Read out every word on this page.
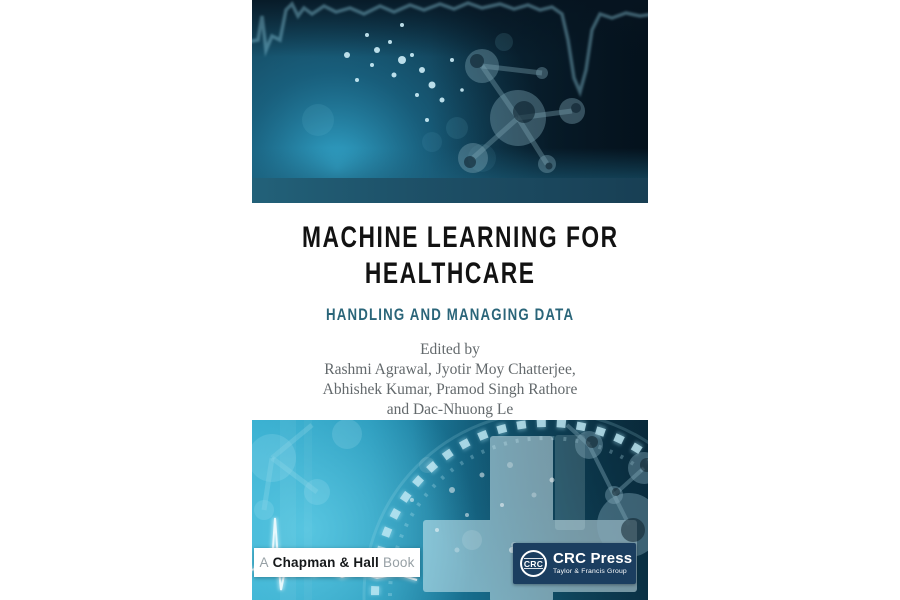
MACHINE LEARNING FOR
HEALTHCARE
HANDLING AND MANAGING DATA
Edited by
Rashmi Agrawal, Jyotir Moy Chatterjee,
Abhishek Kumar, Pramod Singh Rathore
and Dac-Nhuong Le
A Chapman & Hall Book	CRC CRC Press
Taylor & Francis Group
